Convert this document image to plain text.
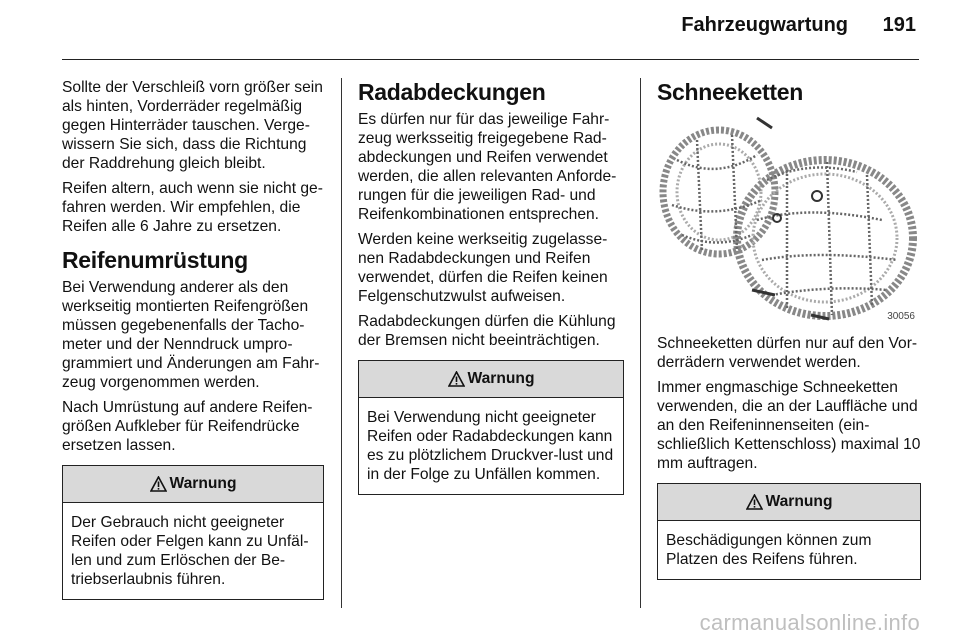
Fahrzeugwartung 191

Sollte der Verschleiß vorn größer sein als hinten, Vorderräder regelmäßig gegen Hinterräder tauschen. Verge-wissern Sie sich, dass die Richtung der Raddrehung gleich bleibt.

Reifen altern, auch wenn sie nicht ge-fahren werden. Wir empfehlen, die Reifen alle 6 Jahre zu ersetzen.

Reifenumrüstung

Bei Verwendung anderer als den werkseitig montierten Reifengrößen müssen gegebenenfalls der Tacho-meter und der Nenndruck umpro-grammiert und Änderungen am Fahr-zeug vorgenommen werden.

Nach Umrüstung auf andere Reifen-größen Aufkleber für Reifendrücke ersetzen lassen.

Warnung

Der Gebrauch nicht geeigneter Reifen oder Felgen kann zu Unfäl-len und zum Erlöschen der Be-triebserlaubnis führen.

Radabdeckungen

Es dürfen nur für das jeweilige Fahr-zeug werksseitig freigegebene Rad-abdeckungen und Reifen verwendet werden, die allen relevanten Anforde-rungen für die jeweiligen Rad- und Reifenkombinationen entsprechen.

Werden keine werkseitig zugelasse-nen Radabdeckungen und Reifen verwendet, dürfen die Reifen keinen Felgenschutzwulst aufweisen.

Radabdeckungen dürfen die Kühlung der Bremsen nicht beeinträchtigen.

Warnung

Bei Verwendung nicht geeigneter Reifen oder Radabdeckungen kann es zu plötzlichem Druckver-lust und in der Folge zu Unfällen kommen.

Schneeketten
30056

Schneeketten dürfen nur auf den Vor-derrädern verwendet werden.

Immer engmaschige Schneeketten verwenden, die an der Lauffläche und an den Reifeninnenseiten (ein-schließlich Kettenschloss) maximal 10 mm auftragen.

Warnung

Beschädigungen können zum Platzen des Reifens führen.

carmanualsonline.info
